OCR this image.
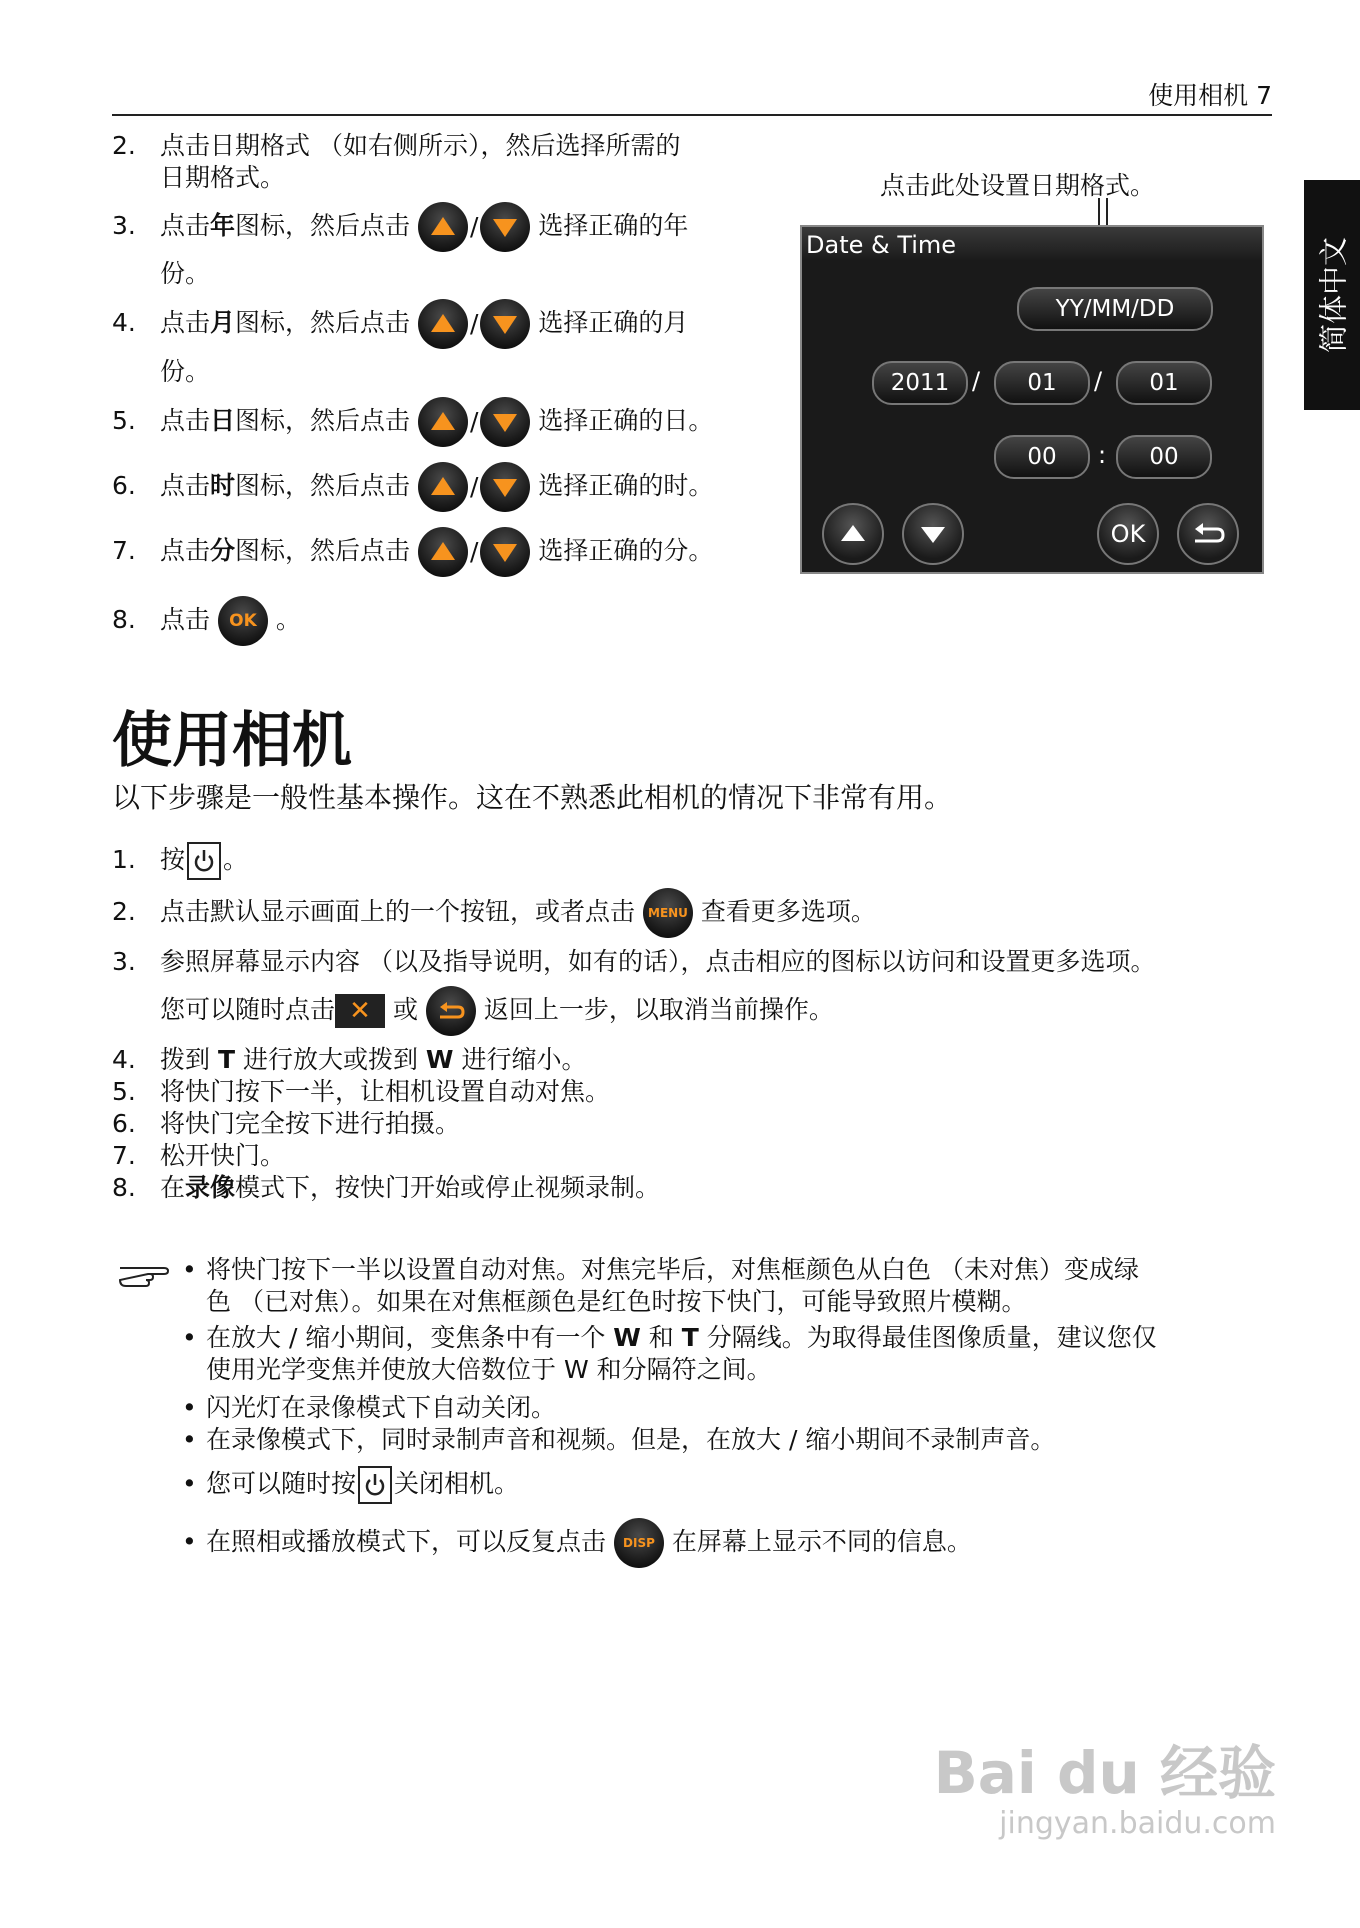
使用相机 7
简体中文
2. 点击日期格式 （如右侧所示），然后选择所需的
日期格式。
3. 点击年图标，然后点击 / 选择正确的年
份。
4. 点击月图标，然后点击 / 选择正确的月
份。
5. 点击日图标，然后点击 / 选择正确的日。
6. 点击时图标，然后点击 / 选择正确的时。
7. 点击分图标，然后点击 / 选择正确的分。
8. 点击 OK 。
点击此处设置日期格式。
Date & Time
YY/MM/DD
2011 /	01	/	01
00	:	00
OK
使用相机
以下步骤是一般性基本操作。这在不熟悉此相机的情况下非常有用。
1. 按 。
2. 点击默认显示画面上的一个按钮，或者点击 MENU 查看更多选项。
3. 参照屏幕显示内容 （以及指导说明，如有的话），点击相应的图标以访问和设置更多选项。
您可以随时点击 ✕ 或	返回上一步，以取消当前操作。
4. 拨到 T 进行放大或拨到 W 进行缩小。
5. 将快门按下一半，让相机设置自动对焦。
6. 将快门完全按下进行拍摄。
7. 松开快门。
8. 在录像模式下，按快门开始或停止视频录制。
• 将快门按下一半以设置自动对焦。对焦完毕后，对焦框颜色从白色 （未对焦）变成绿
色 （已对焦）。如果在对焦框颜色是红色时按下快门，可能导致照片模糊。
• 在放大 / 缩小期间，变焦条中有一个 W 和 T 分隔线。为取得最佳图像质量，建议您仅
使用光学变焦并使放大倍数位于 W 和分隔符之间。
• 闪光灯在录像模式下自动关闭。
• 在录像模式下，同时录制声音和视频。但是，在放大 / 缩小期间不录制声音。
• 您可以随时按 关闭相机。
• 在照相或播放模式下，可以反复点击 DISP 在屏幕上显示不同的信息。
Bai du 经验
jingyan.baidu.com
